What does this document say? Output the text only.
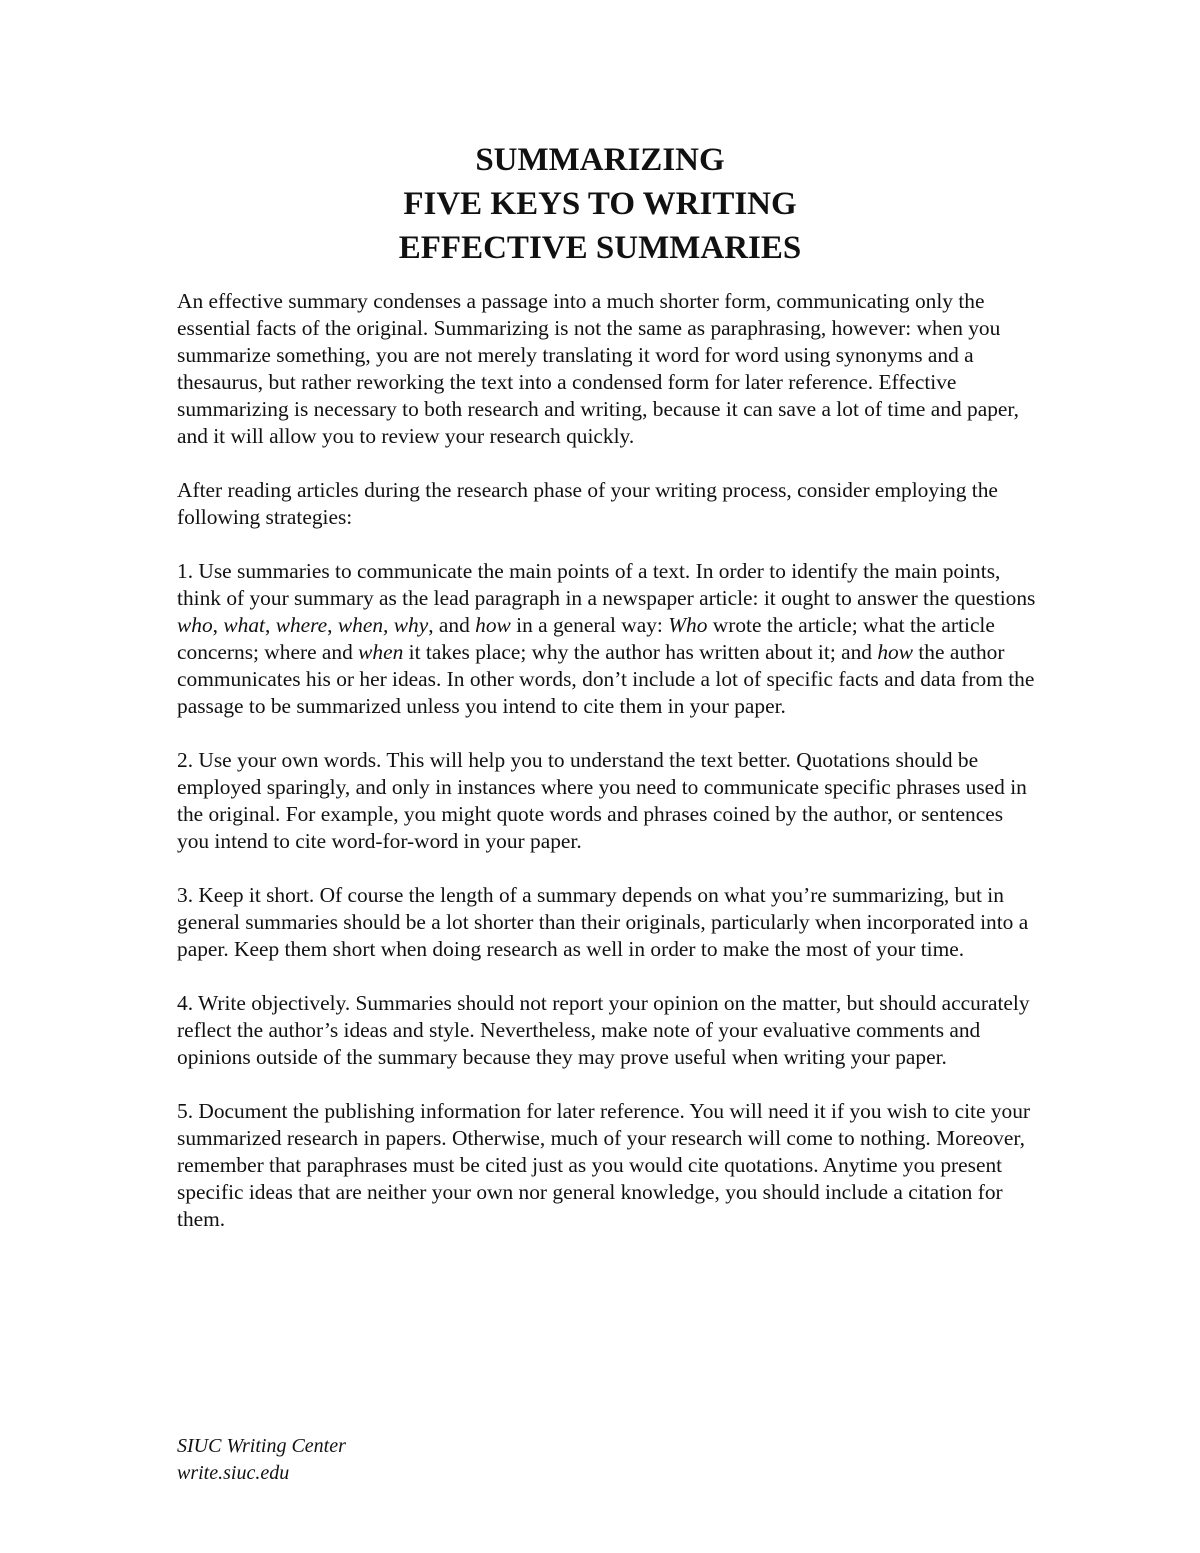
SUMMARIZING
FIVE KEYS TO WRITING
EFFECTIVE SUMMARIES

An effective summary condenses a passage into a much shorter form, communicating only the essential facts of the original. Summarizing is not the same as paraphrasing, however: when you summarize something, you are not merely translating it word for word using synonyms and a thesaurus, but rather reworking the text into a condensed form for later reference. Effective summarizing is necessary to both research and writing, because it can save a lot of time and paper, and it will allow you to review your research quickly.

After reading articles during the research phase of your writing process, consider employing the following strategies:

1. Use summaries to communicate the main points of a text. In order to identify the main points, think of your summary as the lead paragraph in a newspaper article: it ought to answer the questions who, what, where, when, why, and how in a general way: Who wrote the article; what the article concerns; where and when it takes place; why the author has written about it; and how the author communicates his or her ideas. In other words, don’t include a lot of specific facts and data from the passage to be summarized unless you intend to cite them in your paper.

2. Use your own words. This will help you to understand the text better. Quotations should be employed sparingly, and only in instances where you need to communicate specific phrases used in the original. For example, you might quote words and phrases coined by the author, or sentences you intend to cite word-for-word in your paper.

3. Keep it short. Of course the length of a summary depends on what you’re summarizing, but in general summaries should be a lot shorter than their originals, particularly when incorporated into a paper. Keep them short when doing research as well in order to make the most of your time.

4. Write objectively. Summaries should not report your opinion on the matter, but should accurately reflect the author’s ideas and style. Nevertheless, make note of your evaluative comments and opinions outside of the summary because they may prove useful when writing your paper.

5. Document the publishing information for later reference. You will need it if you wish to cite your summarized research in papers. Otherwise, much of your research will come to nothing. Moreover, remember that paraphrases must be cited just as you would cite quotations. Anytime you present specific ideas that are neither your own nor general knowledge, you should include a citation for them.

SIUC Writing Center
write.siuc.edu
